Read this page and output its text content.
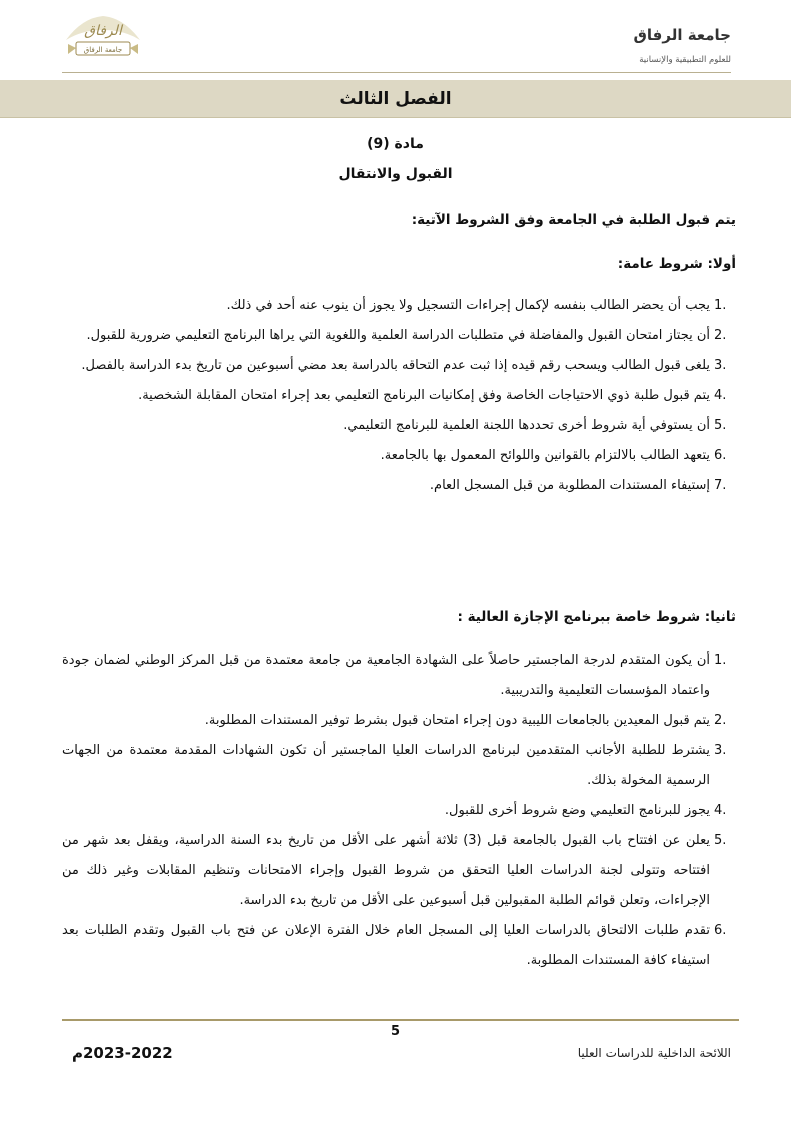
الرفاق
جامعة الرفاق
جامعة الرفاق
للعلوم التطبيقية والإنسانية
الفصل الثالث
مادة (9)
القبول والانتقال
يتم قبول الطلبة في الجامعة وفق الشروط الآتية:
أولا: شروط عامة:
1.
يجب أن يحضر الطالب بنفسه لإكمال إجراءات التسجيل ولا يجوز أن ينوب عنه أحد في ذلك.
2.
أن يجتاز امتحان القبول والمفاضلة في متطلبات الدراسة العلمية واللغوية التي يراها البرنامج التعليمي ضرورية للقبول.
3.
يلغى قبول الطالب ويسحب رقم قيده إذا ثبت عدم التحاقه بالدراسة بعد مضي أسبوعين من تاريخ بدء الدراسة بالفصل.
4.
يتم قبول طلبة ذوي الاحتياجات الخاصة وفق إمكانيات البرنامج التعليمي بعد إجراء امتحان المقابلة الشخصية.
5.
أن يستوفي أية شروط أخرى تحددها اللجنة العلمية للبرنامج التعليمي.
6.
يتعهد الطالب بالالتزام بالقوانين واللوائح المعمول بها بالجامعة.
7.
إستيفاء المستندات المطلوبة من قبل المسجل العام.
ثانيا: شروط خاصة ببرنامج الإجازة العالية :
1.
أن يكون المتقدم لدرجة الماجستير حاصلاً على الشهادة الجامعية من جامعة معتمدة من قبل المركز الوطني لضمان جودة واعتماد المؤسسات التعليمية والتدريبية.
2.
يتم قبول المعيدين بالجامعات الليبية دون إجراء امتحان قبول بشرط توفير المستندات المطلوبة.
3.
يشترط للطلبة الأجانب المتقدمين لبرنامج الدراسات العليا الماجستير أن تكون الشهادات المقدمة معتمدة من الجهات الرسمية المخولة بذلك.
4.
يجوز للبرنامج التعليمي وضع شروط أخرى للقبول.
5.
يعلن عن افتتاح باب القبول بالجامعة قبل (3) ثلاثة أشهر على الأقل من تاريخ بدء السنة الدراسية، ويقفل بعد شهر من افتتاحه وتتولى لجنة الدراسات العليا التحقق من شروط القبول وإجراء الامتحانات وتنظيم المقابلات وغير ذلك من الإجراءات، وتعلن قوائم الطلبة المقبولين قبل أسبوعين على الأقل من تاريخ بدء الدراسة.
6.
تقدم طلبات الالتحاق بالدراسات العليا إلى المسجل العام خلال الفترة الإعلان عن فتح باب القبول وتقدم الطلبات بعد استيفاء كافة المستندات المطلوبة.
5
2023-2022م	اللائحة الداخلية للدراسات العليا
